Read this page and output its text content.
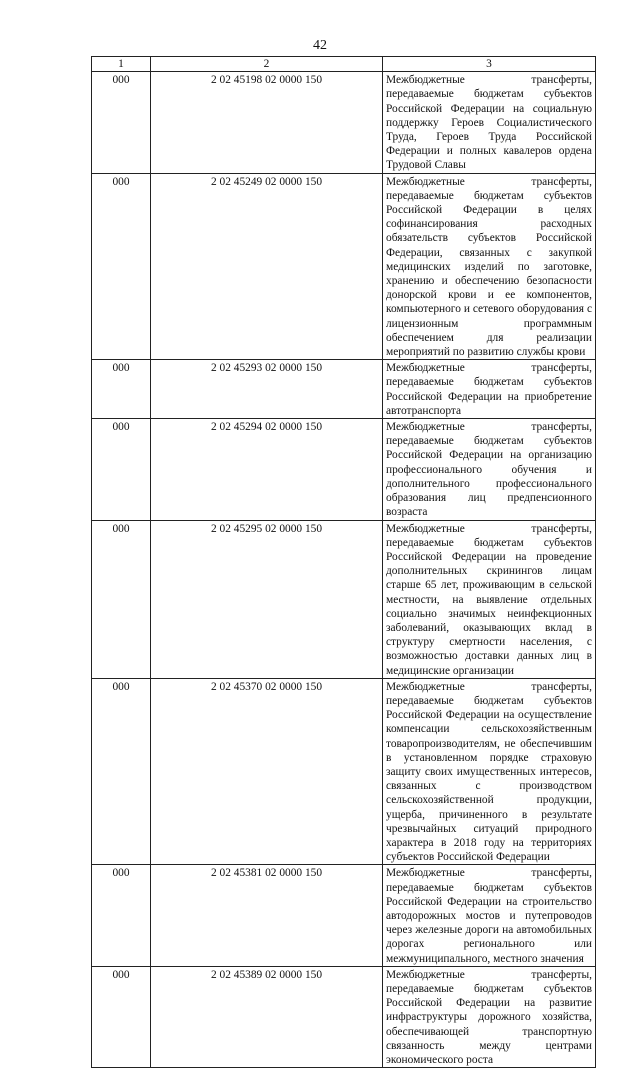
42
1	2	3
000	2 02 45198 02 0000 150	Межбюджетные трансферты, передаваемые бюджетам субъектов Российской Федерации на социальную поддержку Героев Социалистического Труда, Героев Труда Российской Федерации и полных кавалеров ордена Трудовой Славы
000	2 02 45249 02 0000 150	Межбюджетные трансферты, передаваемые бюджетам субъектов Российской Федерации в целях софинансирования расходных обязательств субъектов Российской Федерации, связанных с закупкой медицинских изделий по заготовке, хранению и обеспечению безопасности донорской крови и ее компонентов, компьютерного и сетевого оборудования с лицензионным программным обеспечением для реализации мероприятий по развитию службы крови
000	2 02 45293 02 0000 150	Межбюджетные трансферты, передаваемые бюджетам субъектов Российской Федерации на приобретение автотранспорта
000	2 02 45294 02 0000 150	Межбюджетные трансферты, передаваемые бюджетам субъектов Российской Федерации на организацию профессионального обучения и дополнительного профессионального образования лиц предпенсионного возраста
000	2 02 45295 02 0000 150	Межбюджетные трансферты, передаваемые бюджетам субъектов Российской Федерации на проведение дополнительных скринингов лицам старше 65 лет, проживающим в сельской местности, на выявление отдельных социально значимых неинфекционных заболеваний, оказывающих вклад в структуру смертности населения, с возможностью доставки данных лиц в медицинские организации
000	2 02 45370 02 0000 150	Межбюджетные трансферты, передаваемые бюджетам субъектов Российской Федерации на осуществление компенсации сельскохозяйственным товаропроизводителям, не обеспечившим в установленном порядке страховую защиту своих имущественных интересов, связанных с производством сельскохозяйственной продукции, ущерба, причиненного в результате чрезвычайных ситуаций природного характера в 2018 году на территориях субъектов Российской Федерации
000	2 02 45381 02 0000 150	Межбюджетные трансферты, передаваемые бюджетам субъектов Российской Федерации на строительство автодорожных мостов и путепроводов через железные дороги на автомобильных дорогах регионального или межмуниципального, местного значения
000	2 02 45389 02 0000 150	Межбюджетные трансферты, передаваемые бюджетам субъектов Российской Федерации на развитие инфраструктуры дорожного хозяйства, обеспечивающей транспортную связанность между центрами экономического роста
